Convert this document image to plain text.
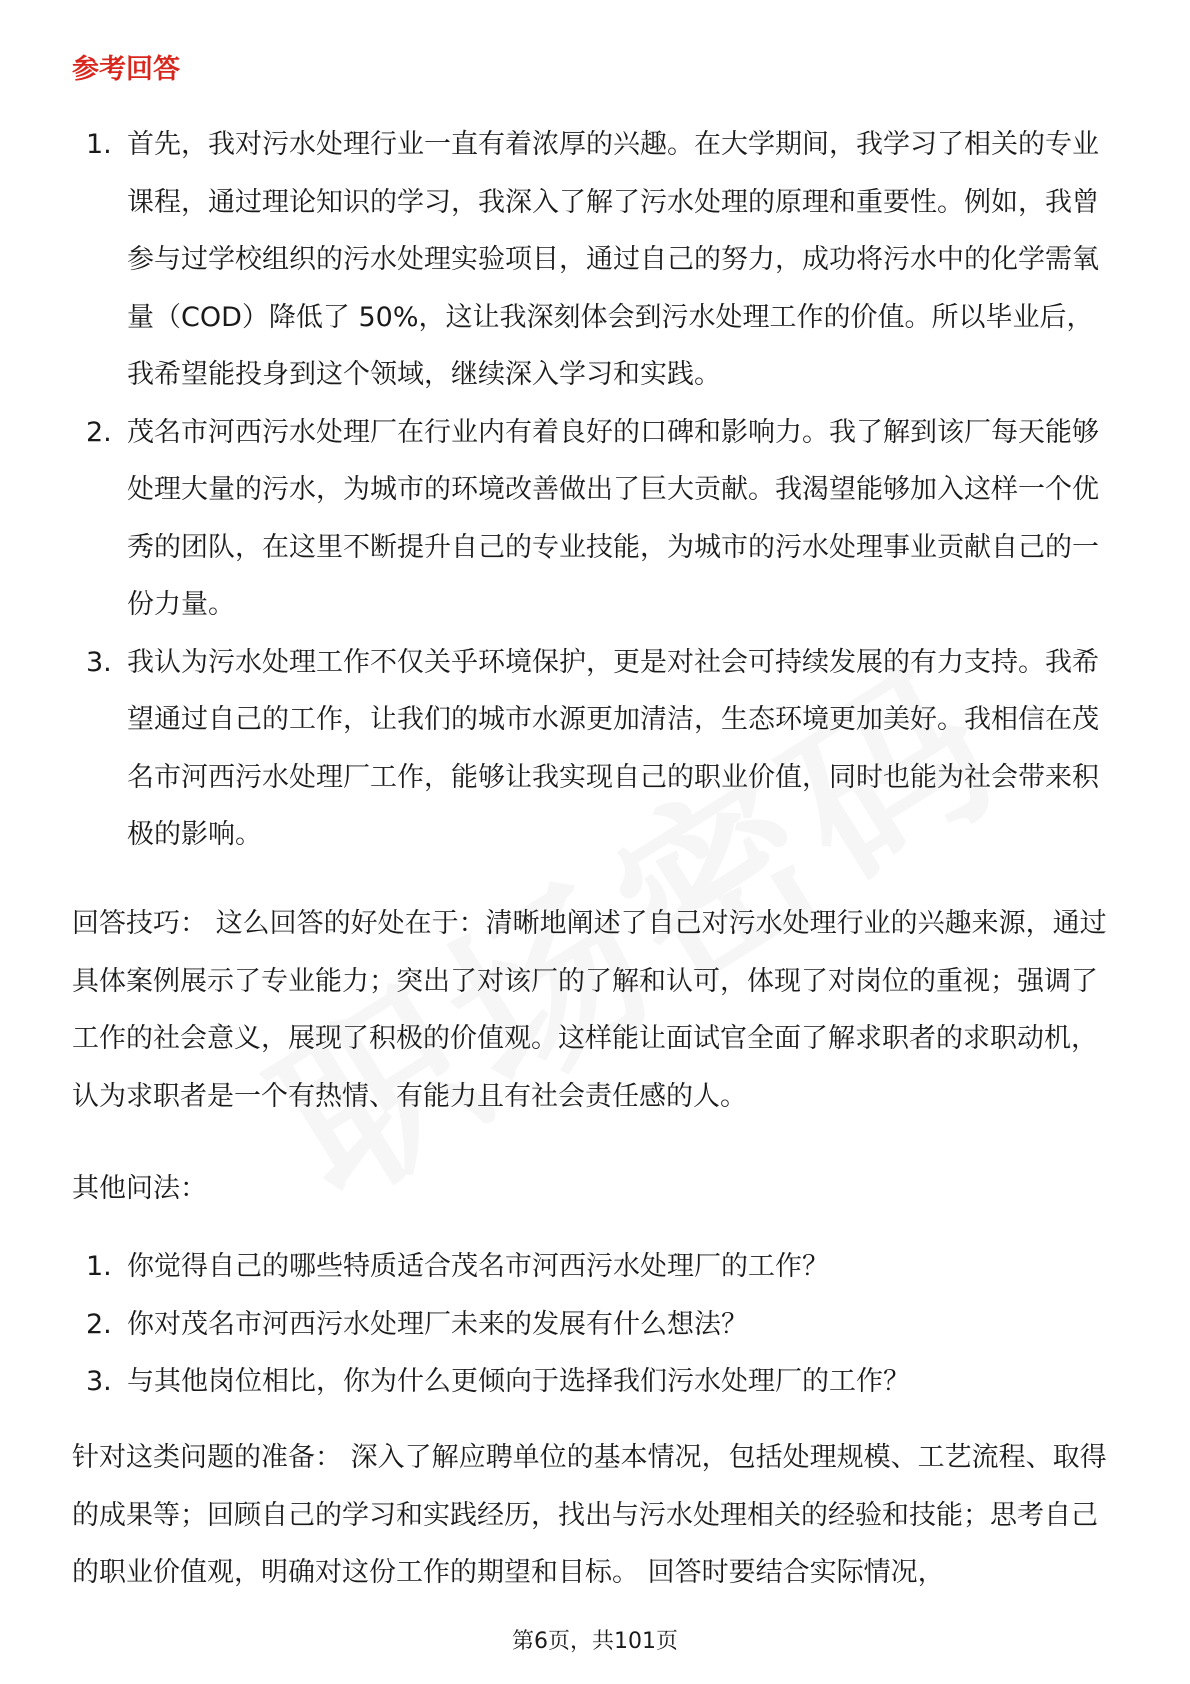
参考回答
1. 首先，我对污水处理行业一直有着浓厚的兴趣。在大学期间，我学习了相关的专业课程，通过理论知识的学习，我深入了解了污水处理的原理和重要性。例如，我曾参与过学校组织的污水处理实验项目，通过自己的努力，成功将污水中的化学需氧量（COD）降低了 50%，这让我深刻体会到污水处理工作的价值。所以毕业后，我希望能投身到这个领域，继续深入学习和实践。
2. 茂名市河西污水处理厂在行业内有着良好的口碑和影响力。我了解到该厂每天能够处理大量的污水，为城市的环境改善做出了巨大贡献。我渴望能够加入这样一个优秀的团队，在这里不断提升自己的专业技能，为城市的污水处理事业贡献自己的一份力量。
3. 我认为污水处理工作不仅关乎环境保护，更是对社会可持续发展的有力支持。我希望通过自己的工作，让我们的城市水源更加清洁，生态环境更加美好。我相信在茂名市河西污水处理厂工作，能够让我实现自己的职业价值，同时也能为社会带来积极的影响。
回答技巧： 这么回答的好处在于：清晰地阐述了自己对污水处理行业的兴趣来源，通过具体案例展示了专业能力；突出了对该厂的了解和认可，体现了对岗位的重视；强调了工作的社会意义，展现了积极的价值观。这样能让面试官全面了解求职者的求职动机，认为求职者是一个有热情、有能力且有社会责任感的人。
其他问法：
1. 你觉得自己的哪些特质适合茂名市河西污水处理厂的工作？
2. 你对茂名市河西污水处理厂未来的发展有什么想法？
3. 与其他岗位相比，你为什么更倾向于选择我们污水处理厂的工作？
针对这类问题的准备： 深入了解应聘单位的基本情况，包括处理规模、工艺流程、取得的成果等；回顾自己的学习和实践经历，找出与污水处理相关的经验和技能；思考自己的职业价值观，明确对这份工作的期望和目标。 回答时要结合实际情况，
第6页，共101页
